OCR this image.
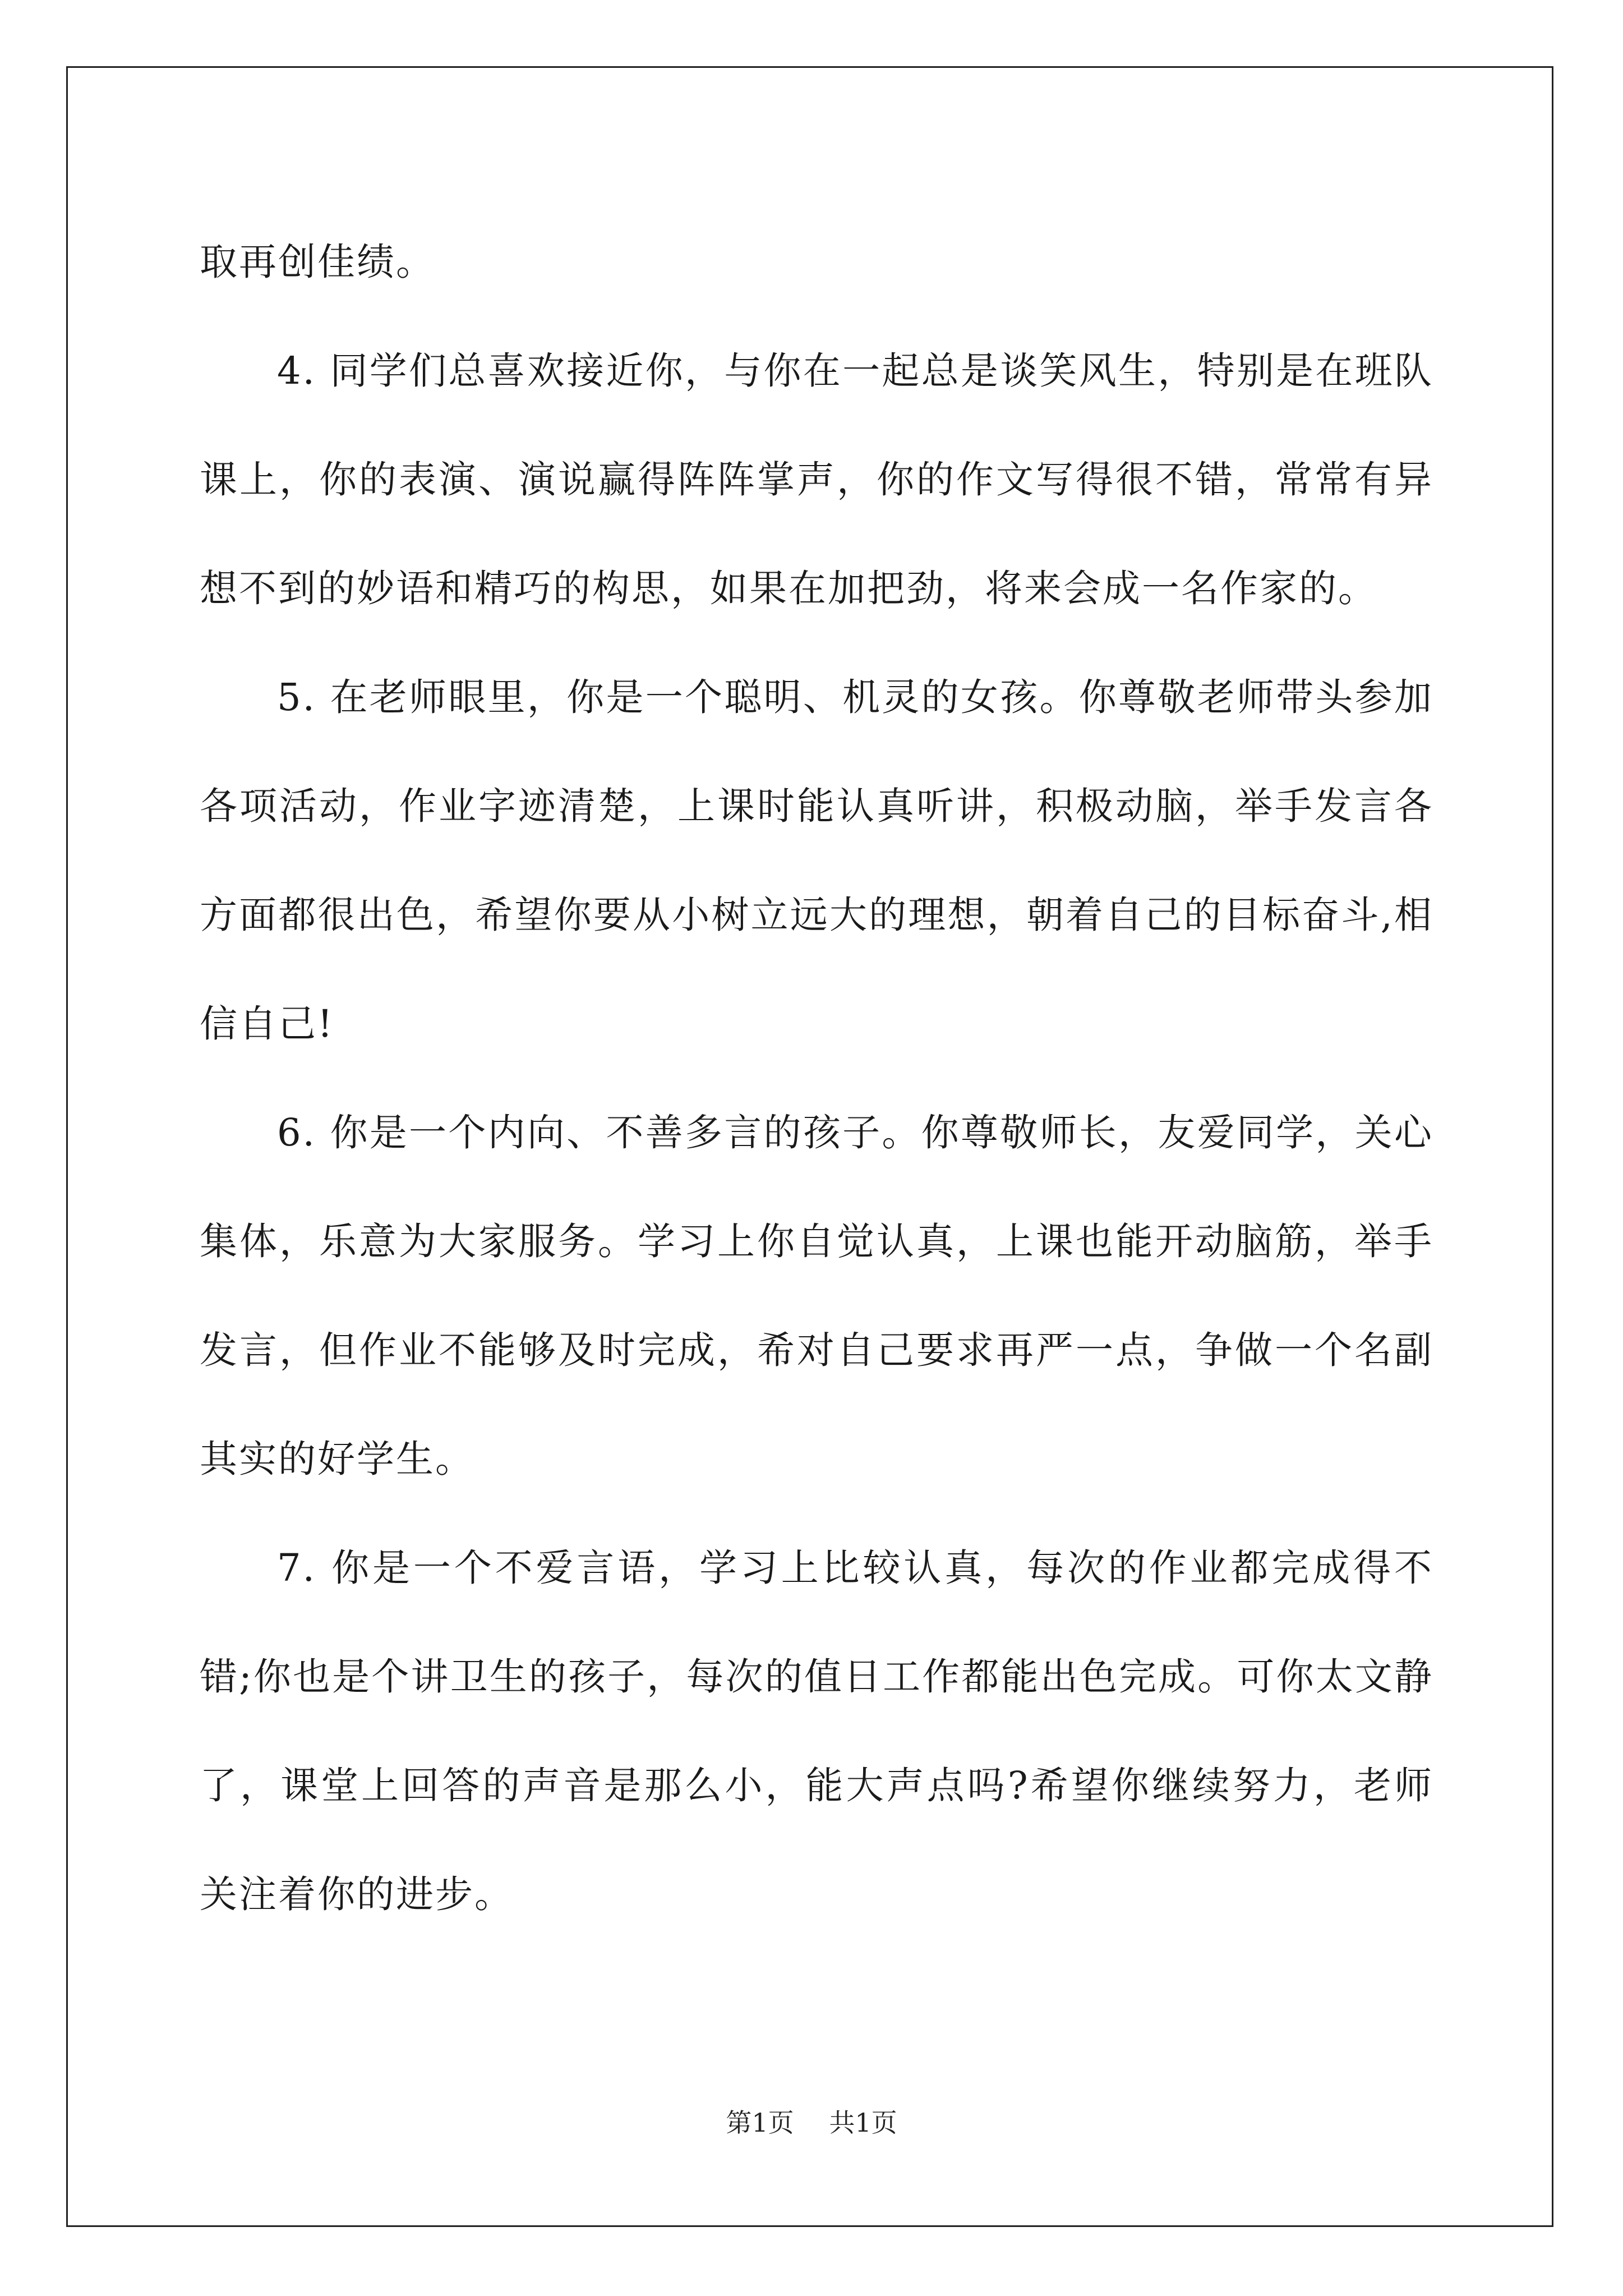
取再创佳绩。

4. 同学们总喜欢接近你，与你在一起总是谈笑风生，特别是在班队课上，你的表演、演说赢得阵阵掌声，你的作文写得很不错，常常有异想不到的妙语和精巧的构思，如果在加把劲，将来会成一名作家的。

5. 在老师眼里，你是一个聪明、机灵的女孩。你尊敬老师带头参加各项活动，作业字迹清楚，上课时能认真听讲，积极动脑，举手发言各方面都很出色，希望你要从小树立远大的理想，朝着自己的目标奋斗,相信自己!

6. 你是一个内向、不善多言的孩子。你尊敬师长，友爱同学，关心集体，乐意为大家服务。学习上你自觉认真，上课也能开动脑筋，举手发言，但作业不能够及时完成，希对自己要求再严一点，争做一个名副其实的好学生。

7. 你是一个不爱言语，学习上比较认真，每次的作业都完成得不错;你也是个讲卫生的孩子，每次的值日工作都能出色完成。可你太文静了，课堂上回答的声音是那么小，能大声点吗?希望你继续努力，老师关注着你的进步。

第1页 共1页
